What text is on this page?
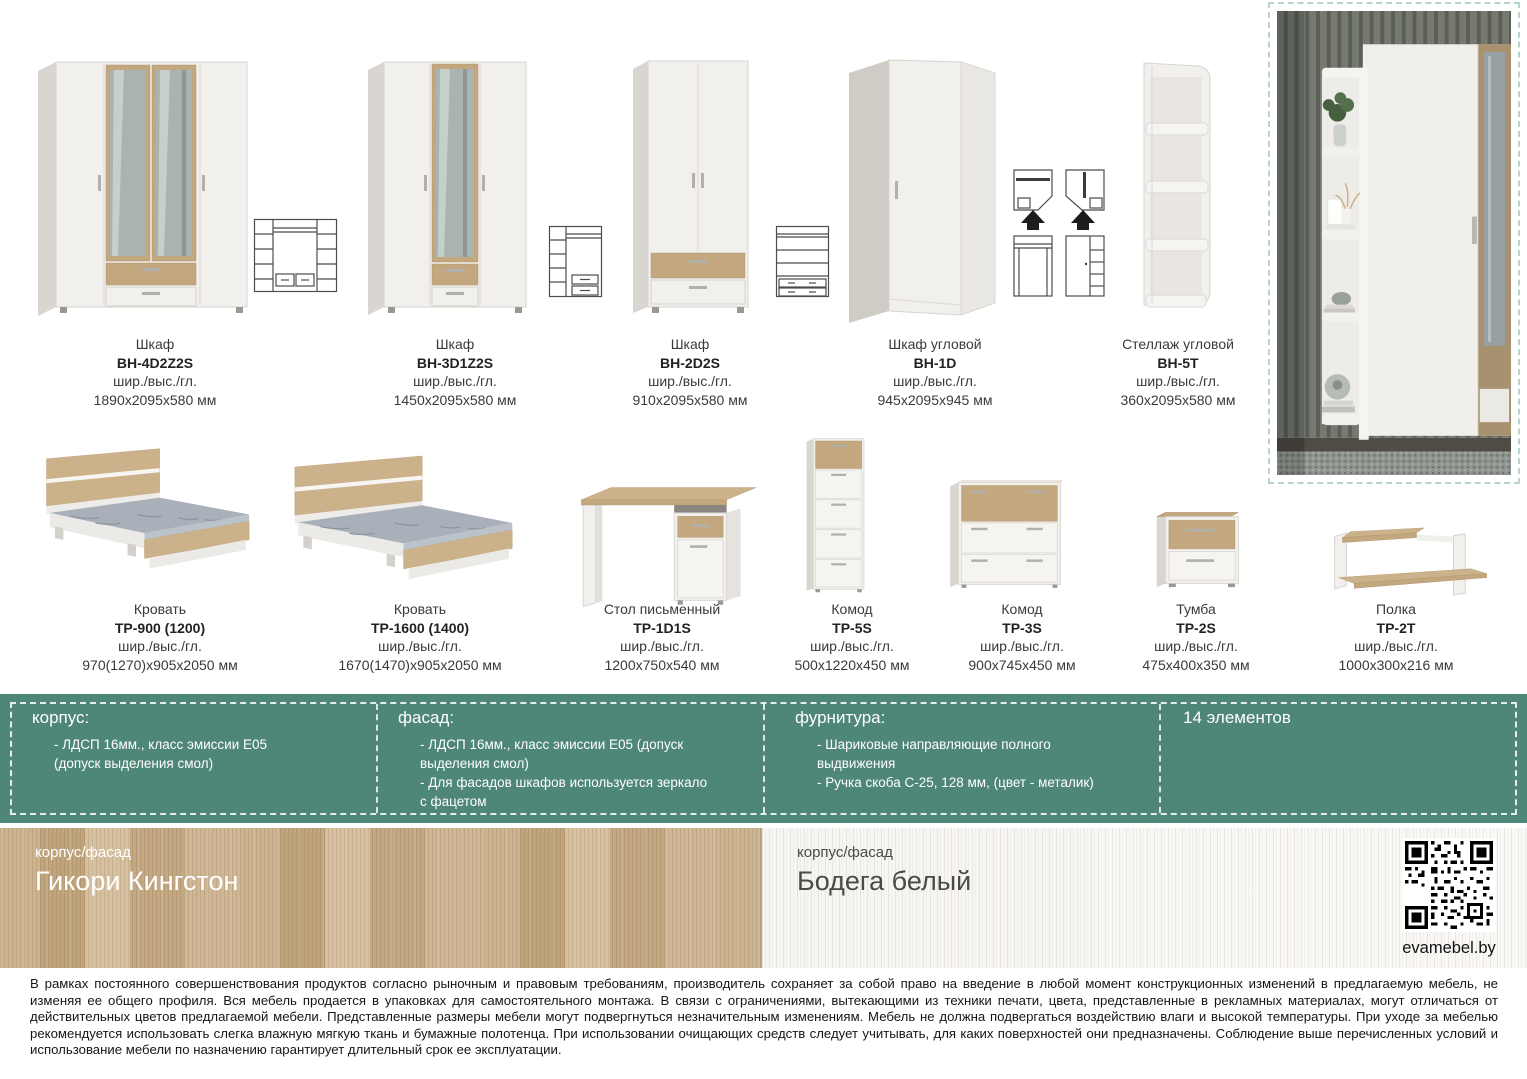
Шкаф
BH-4D2Z2S
шир./выс./гл.
1890x2095x580 мм
Шкаф
BH-3D1Z2S
шир./выс./гл.
1450x2095x580 мм
Шкаф
BH-2D2S
шир./выс./гл.
910x2095x580 мм
Шкаф угловой
BH-1D
шир./выс./гл.
945x2095x945 мм
Стеллаж угловой
BH-5T
шир./выс./гл.
360x2095x580 мм
Кровать
TP-900 (1200)
шир./выс./гл.
970(1270)x905x2050 мм
Кровать
TP-1600 (1400)
шир./выс./гл.
1670(1470)x905x2050 мм
Стол письменный
TP-1D1S
шир./выс./гл.
1200x750x540 мм
Комод
TP-5S
шир./выс./гл.
500x1220x450 мм
Комод
TP-3S
шир./выс./гл.
900x745x450 мм
Тумба
TP-2S
шир./выс./гл.
475x400x350 мм
Полка
TP-2T
шир./выс./гл.
1000x300x216 мм
корпус:
- ЛДСП 16мм., класс эмиссии Е05
(допуск выделения смол)
фасад:
- ЛДСП 16мм., класс эмиссии Е05 (допуск
выделения смол)
- Для фасадов шкафов используется зеркало
с фацетом
фурнитура:
- Шариковые направляющие полного
выдвижения
- Ручка скоба С-25, 128 мм, (цвет - металик)
14 элементов
корпус/фасад
Гикори Кингстон
корпус/фасад
Бодега белый
evamebel.by
В рамках постоянного совершенствования продуктов согласно рыночным и правовым требованиям, производитель сохраняет за собой право на введение в любой момент конструкционных изменений в предлагаемую мебель, не изменяя ее общего профиля. Вся мебель продается в упаковках для самостоятельного монтажа. В связи с ограничениями, вытекающими из техники печати, цвета, представленные в рекламных материалах, могут отличаться от действительных цветов предлагаемой мебели. Представленные размеры мебели могут подвергнуться незначительным изменениям. Мебель не должна подвергаться воздействию влаги и высокой температуры. При уходе за мебелью рекомендуется использовать слегка влажную мягкую ткань и бумажные полотенца. При использовании очищающих средств следует учитывать, для каких поверхностей они предназначены. Соблюдение выше перечисленных условий и использование мебели по назначению гарантирует длительный срок ее эксплуатации.
